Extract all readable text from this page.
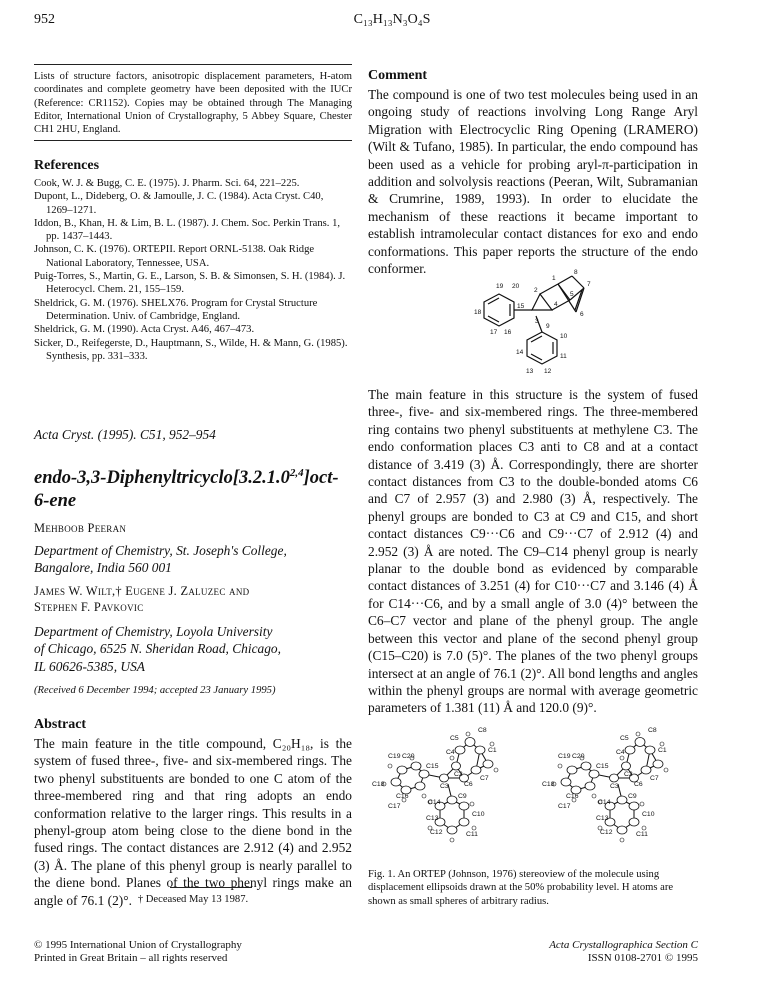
952	C₁₃H₁₃N₃O₄S
Lists of structure factors, anisotropic displacement parameters, H-atom coordinates and complete geometry have been deposited with the IUCr (Reference: CR1152). Copies may be obtained through The Managing Editor, International Union of Crystallography, 5 Abbey Square, Chester CH1 2HU, England.
References

Cook, W. J. & Bugg, C. E. (1975). J. Pharm. Sci. 64, 221–225.

Dupont, L., Dideberg, O. & Jamoulle, J. C. (1984). Acta Cryst. C40, 1269–1271.

Iddon, B., Khan, H. & Lim, B. L. (1987). J. Chem. Soc. Perkin Trans. 1, pp. 1437–1443.

Johnson, C. K. (1976). ORTEPII. Report ORNL-5138. Oak Ridge National Laboratory, Tennessee, USA.

Puig-Torres, S., Martin, G. E., Larson, S. B. & Simonsen, S. H. (1984). J. Heterocycl. Chem. 21, 155–159.

Sheldrick, G. M. (1976). SHELX76. Program for Crystal Structure Determination. Univ. of Cambridge, England.

Sheldrick, G. M. (1990). Acta Cryst. A46, 467–473.

Sicker, D., Reifegerste, D., Hauptmann, S., Wilde, H. & Mann, G. (1985). Synthesis, pp. 331–333.

Acta Cryst. (1995). C51, 952–954
endo-3,3-Diphenyltricyclo[3.2.1.0$^{2,4}$]oct-
6-ene
Mehboob Peeran
Department of Chemistry, St. Joseph's College,
Bangalore, India 560 001
James W. Wilt,† Eugene J. Zaluzec and
Stephen F. Pavkovic
Department of Chemistry, Loyola University
of Chicago, 6525 N. Sheridan Road, Chicago,
IL 60626-5385, USA
(Received 6 December 1994; accepted 23 January 1995)
Abstract
The main feature in the title compound, C₂₀H₁₈, is the system of fused three-, five- and six-membered rings. The two phenyl substituents are bonded to one C atom of the three-membered ring and that ring adopts an endo conformation relative to the larger rings. This results in a phenyl-group atom being close to the diene bond in the fused rings. The contact distances are 2.912 (4) and 2.952 (3) Å. The plane of this phenyl group is nearly parallel to the diene bond. Planes of the two phenyl rings make an angle of 76.1 (2)°. † Deceased May 13 1987.
© 1995 International Union of Crystallography
Printed in Great Britain – all rights reserved
Comment
The compound is one of two test molecules being used in an ongoing study of reactions involving Long Range Aryl Migration with Electrocyclic Ring Opening (LRAMERO) (Wilt & Tufano, 1985). In particular, the endo compound has been used as a vehicle for probing aryl-π-participation in addition and solvolysis reactions (Peeran, Wilt, Subramanian & Crumrine, 1989, 1993). In order to elucidate the mechanism of these reactions it became important to establish intramolecular contact distances for exo and endo conformations. This paper reports the structure of the endo conformer.
19 20
18
17 16
15
3
2
1
8
7
6
5
4
9
10
11
12
13
14
The main feature in this structure is the system of fused three-, five- and six-membered rings. The three-membered ring contains two phenyl substituents at methylene C3. The endo conformation places C3 anti to C8 and at a contact distance of 3.419 (3) Å. Correspondingly, there are shorter contact distances from C3 to the double-bonded atoms C6 and C7 of 2.957 (3) and 2.980 (3) Å, respectively. The phenyl groups are bonded to C3 at C9 and C15, and short contact distances C9···C6 and C9···C7 of 2.912 (4) and 2.952 (3) Å are noted. The C9–C14 phenyl group is nearly planar to the double bond as evidenced by comparable contact distances of 3.251 (4) for C10···C7 and 3.146 (4) Å for C14···C6, and by a small angle of 3.0 (4)° between the C6–C7 vector and plane of the phenyl group. The angle between this vector and plane of the second phenyl group (C15–C20) is 7.0 (5)°. The planes of the two phenyl groups intersect at an angle of 76.1 (2)°. All bond lengths and angles within the phenyl groups are normal with average geometric parameters of 1.381 (11) Å and 120.0 (9)°.
C19 C20
C15
C18
C16
C17
C5
C4
C8
C1
C2
C3 C6
C7
C9
C10
C11
C12
C13
C14
C19 C20
C15
C18
C16
C17
C5
C4
C8
C1
C2
C3 C6
C7
C9
C10
C11
C12
C13
C14
Fig. 1. An ORTEP (Johnson, 1976) stereoview of the molecule using displacement ellipsoids drawn at the 50% probability level. H atoms are shown as small spheres of arbitrary radius.
Acta Crystallographica Section C
ISSN 0108-2701 © 1995
